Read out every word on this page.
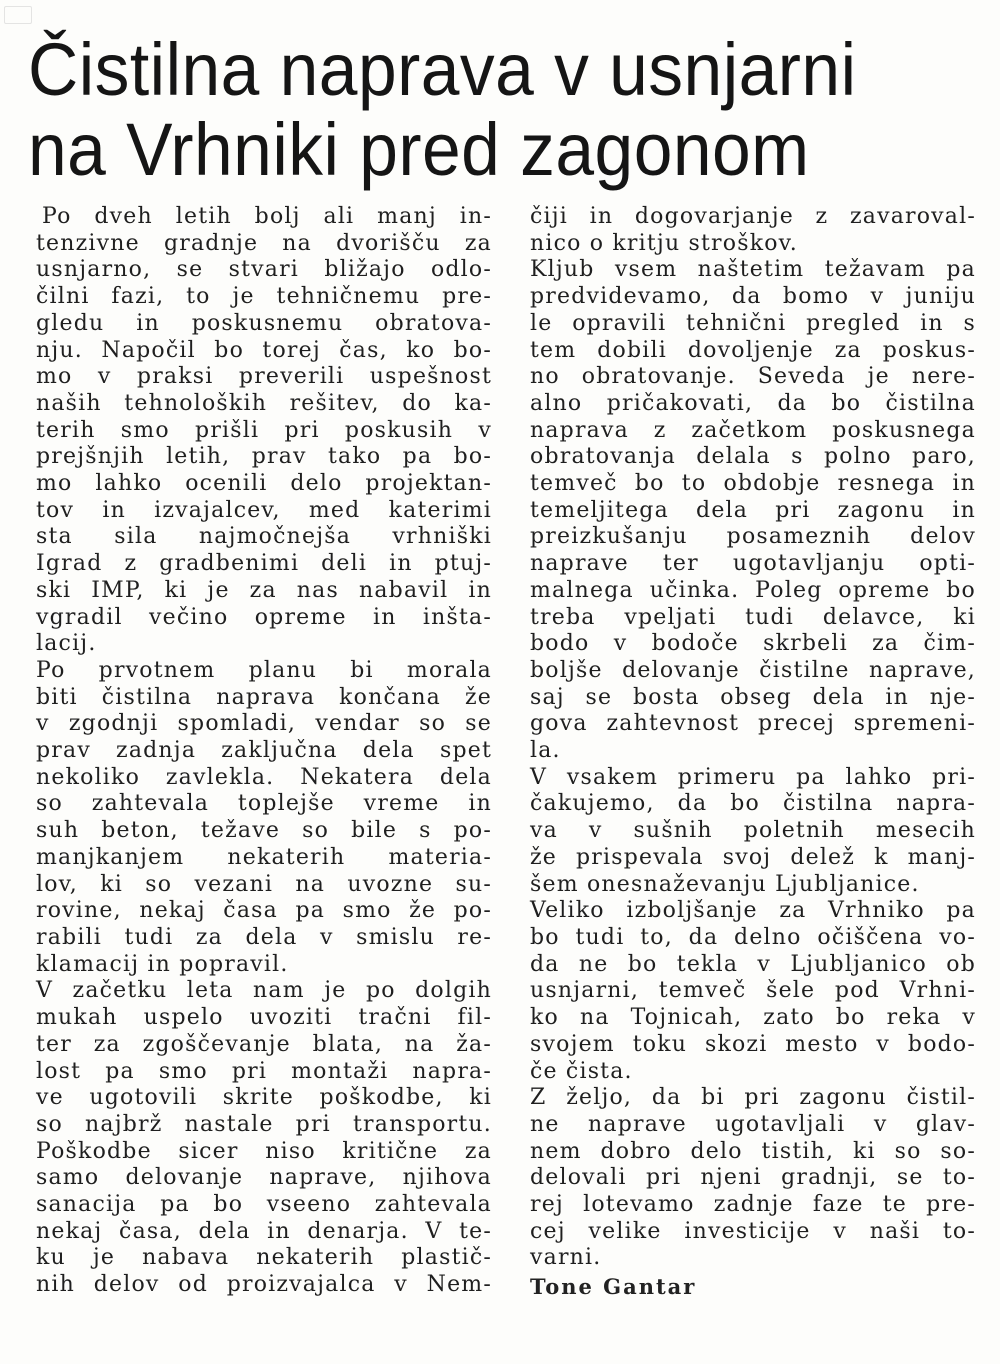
Čistilna naprava v usnjarni
na Vrhniki pred zagonom
Po dveh letih bolj ali manj in-
tenzivne gradnje na dvorišču za
usnjarno, se stvari bližajo odlo-
čilni fazi, to je tehničnemu pre-
gledu in poskusnemu obratova-
nju. Napočil bo torej čas, ko bo-
mo v praksi preverili uspešnost
naših tehnoloških rešitev, do ka-
terih smo prišli pri poskusih v
prejšnjih letih, prav tako pa bo-
mo lahko ocenili delo projektan-
tov in izvajalcev, med katerimi
sta sila najmočnejša vrhniški
Igrad z gradbenimi deli in ptuj-
ski IMP, ki je za nas nabavil in
vgradil večino opreme in inšta-
lacij.
Po prvotnem planu bi morala
biti čistilna naprava končana že
v zgodnji spomladi, vendar so se
prav zadnja zaključna dela spet
nekoliko zavlekla. Nekatera dela
so zahtevala toplejše vreme in
suh beton, težave so bile s po-
manjkanjem nekaterih materia-
lov, ki so vezani na uvozne su-
rovine, nekaj časa pa smo že po-
rabili tudi za dela v smislu re-
klamacij in popravil.
V začetku leta nam je po dolgih
mukah uspelo uvoziti tračni fil-
ter za zgoščevanje blata, na ža-
lost pa smo pri montaži naprа-
ve ugotovili skrite poškodbe, ki
so najbrž nastale pri transportu.
Poškodbe sicer niso kritične za
samo delovanje naprave, njihova
sanacija pa bo vseeno zahtevala
nekaj časa, dela in denarja. V te-
ku je nabava nekaterih plastič-
nih delov od proizvajalca v Nem-
čiji in dogovarjanje z zavaroval-
nico o kritju stroškov.
Kljub vsem naštetim težavam pa
predvidevamo, da bomo v juniju
le opravili tehnični pregled in s
tem dobili dovoljenje za poskus-
no obratovanje. Seveda je nere-
alno pričakovati, da bo čistilna
naprava z začetkom poskusnega
obratovanja delala s polno paro,
temveč bo to obdobje resnega in
temeljitega dela pri zagonu in
preizkušanju posameznih delov
naprave ter ugotavljanju opti-
malnega učinka. Poleg opreme bo
treba vpeljati tudi delavce, ki
bodo v bodoče skrbeli za čim-
boljše delovanje čistilne naprave,
saj se bosta obseg dela in nje-
gova zahtevnost precej spremeni-
la.
V vsakem primeru pa lahko pri-
čakujemo, da bo čistilna napra-
va v sušnih poletnih mesecih
že prispevala svoj delež k manj-
šem onesnaževanju Ljubljanice.
Veliko izboljšanje za Vrhniko pa
bo tudi to, da delno očiščena vo-
da ne bo tekla v Ljubljanico ob
usnjarni, temveč šele pod Vrhni-
ko na Tojnicah, zato bo reka v
svojem toku skozi mesto v bodo-
če čista.
Z željo, da bi pri zagonu čistil-
ne naprave ugotavljali v glav-
nem dobro delo tistih, ki so so-
delovali pri njeni gradnji, se to-
rej lotevamo zadnje faze te pre-
cej velike investicije v naši to-
varni.
Tone Gantar
